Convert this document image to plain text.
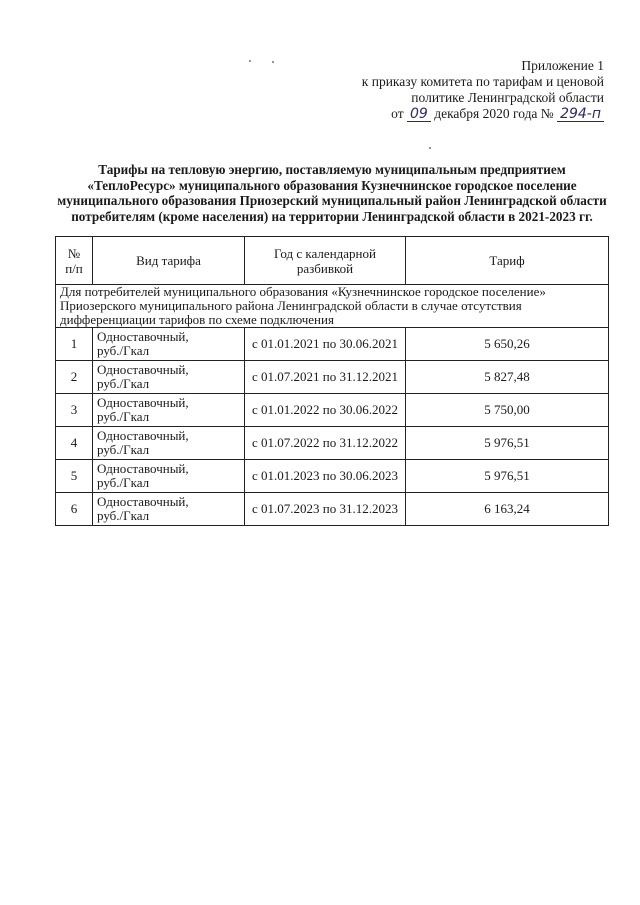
Приложение 1
к приказу комитета по тарифам и ценовой
политике Ленинградской области
от 09 декабря 2020 года № 294-п
Тарифы на тепловую энергию, поставляемую муниципальным предприятием
«ТеплоРесурс» муниципального образования Кузнечнинское городское поселение
муниципального образования Приозерский муниципальный район Ленинградской области
потребителям (кроме населения) на территории Ленинградской области в 2021-2023 гг.
№
п/п	Вид тарифа	Год с календарной
разбивкой	Тариф
Для потребителей муниципального образования «Кузнечнинское городское поселение»
Приозерского муниципального района Ленинградской области в случае отсутствия
дифференциации тарифов по схеме подключения			
1	Одноставочный,
руб./Гкал	с 01.01.2021 по 30.06.2021	5 650,26
2	Одноставочный,
руб./Гкал	с 01.07.2021 по 31.12.2021	5 827,48
3	Одноставочный,
руб./Гкал	с 01.01.2022 по 30.06.2022	5 750,00
4	Одноставочный,
руб./Гкал	с 01.07.2022 по 31.12.2022	5 976,51
5	Одноставочный,
руб./Гкал	с 01.01.2023 по 30.06.2023	5 976,51
6	Одноставочный,
руб./Гкал	с 01.07.2023 по 31.12.2023	6 163,24
